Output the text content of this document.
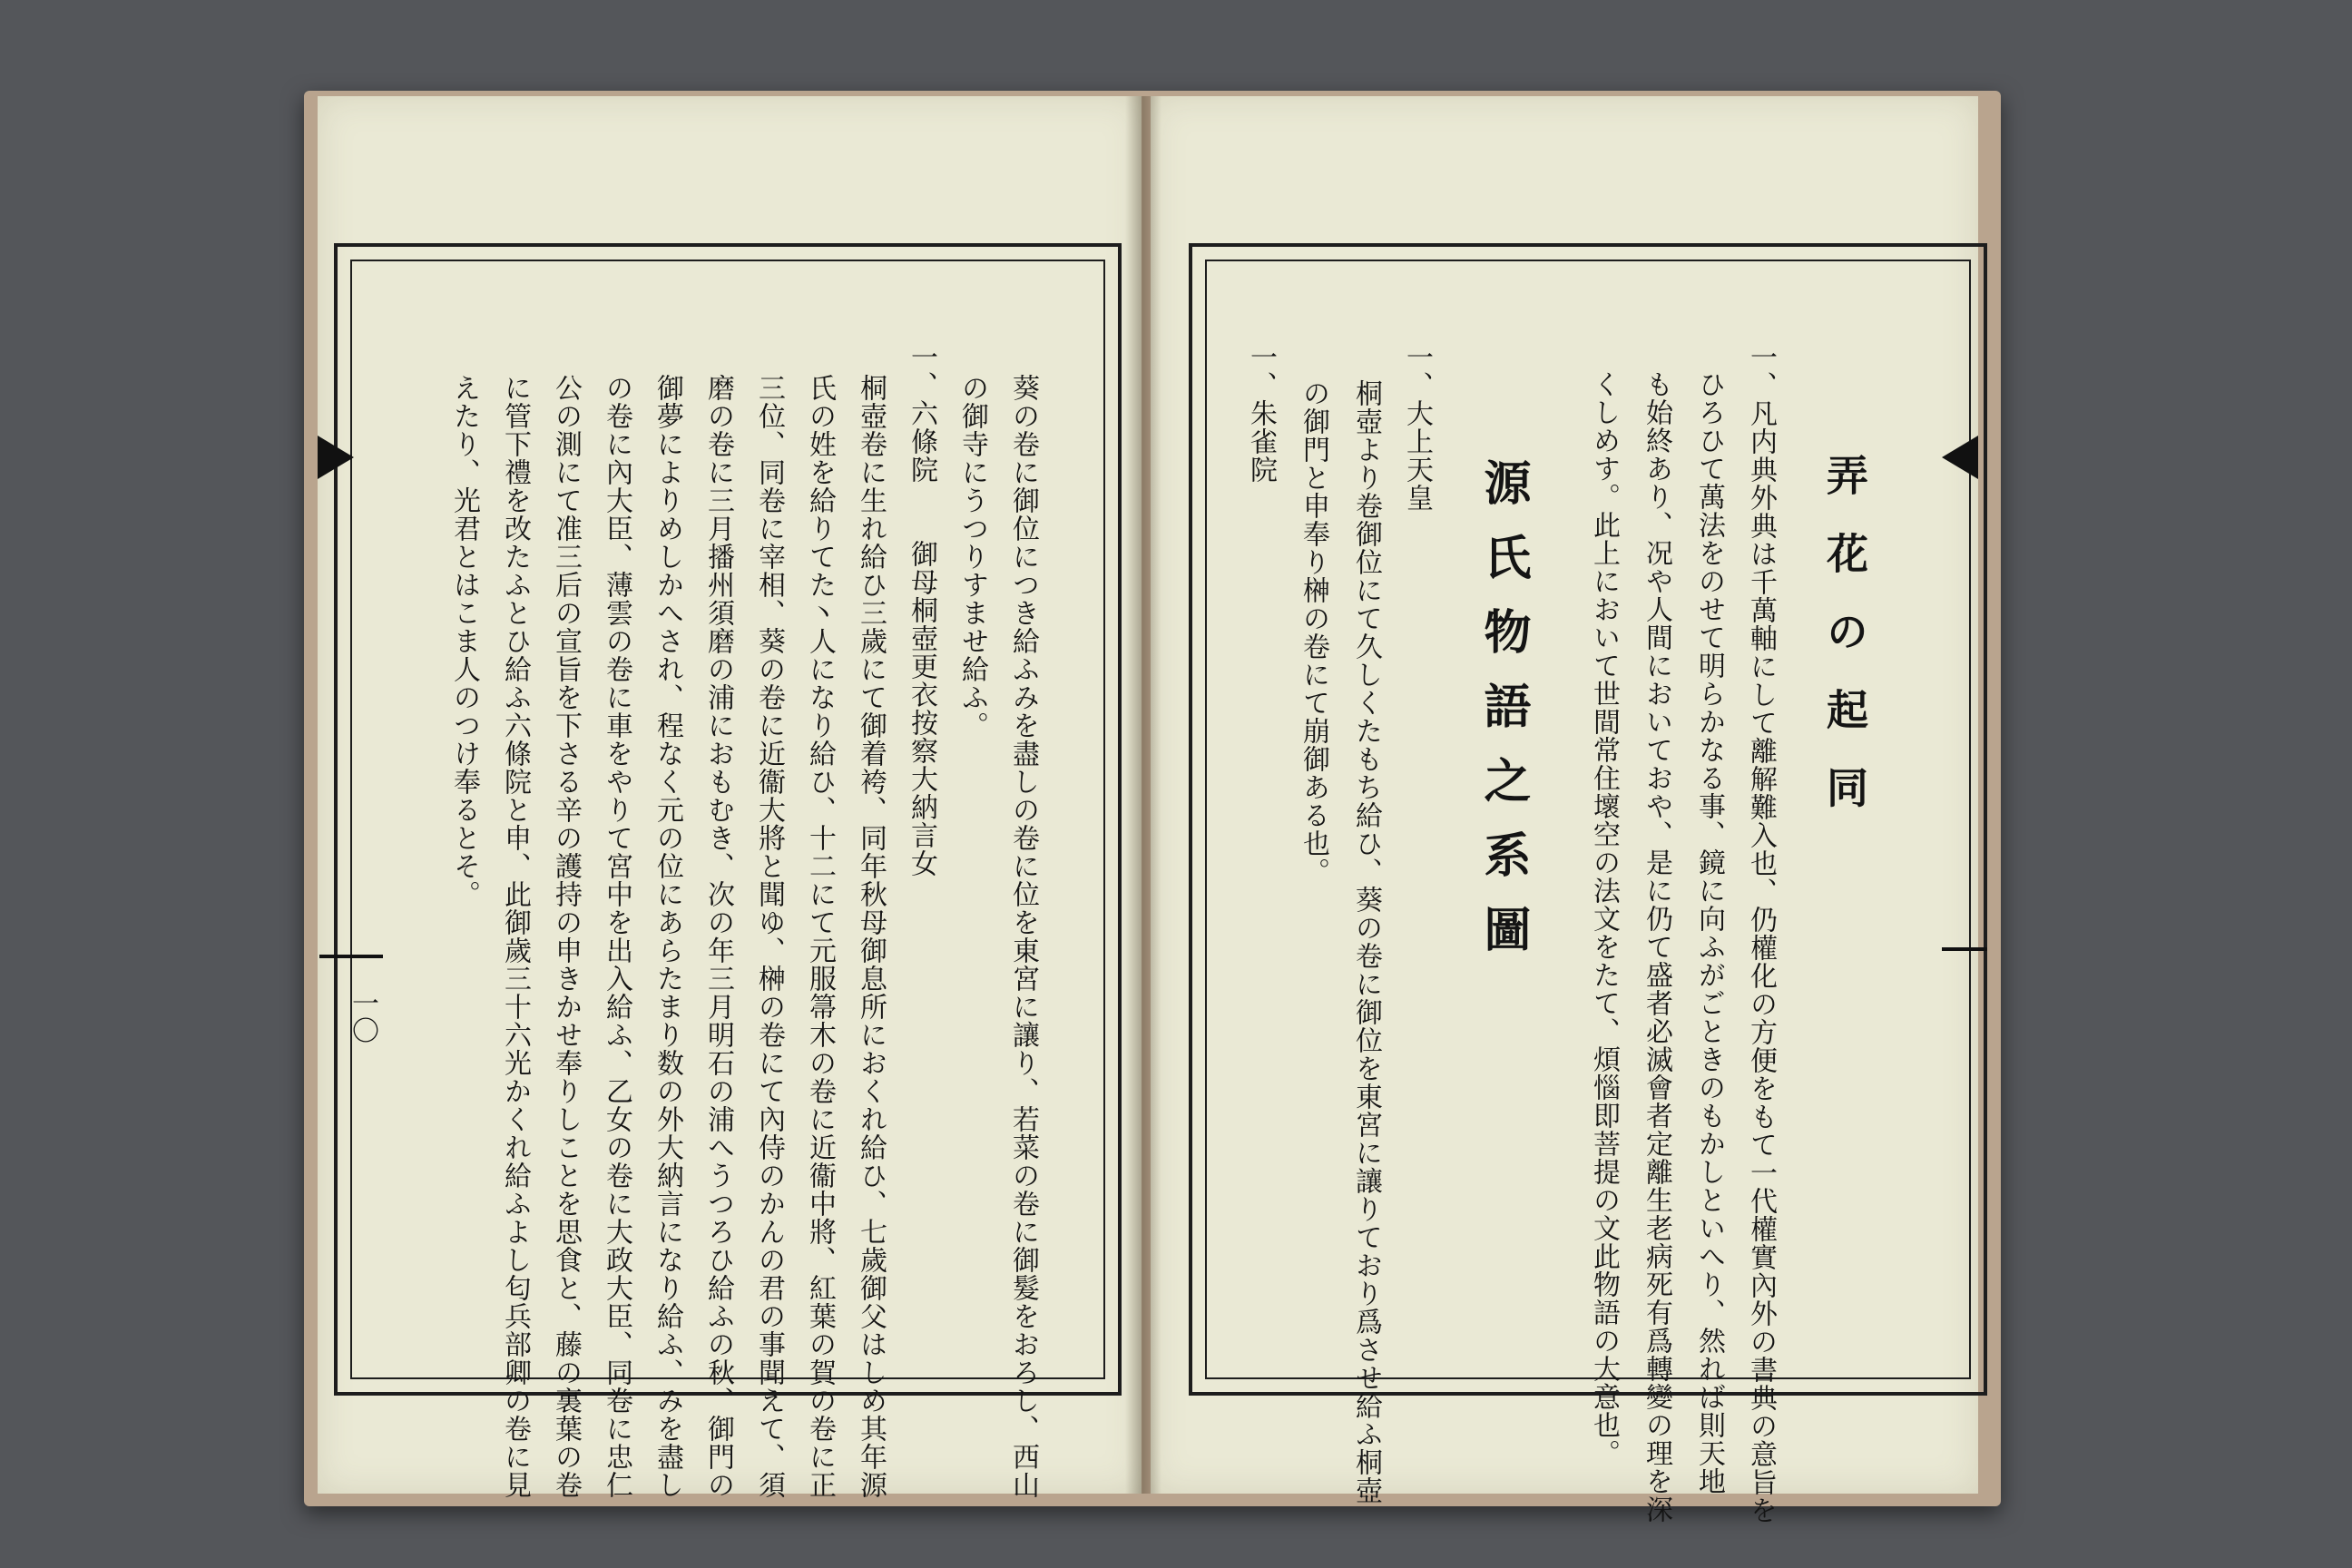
弄花の起同
一、凡内典外典は千萬軸にして離解難入也、仍權化の方便をもて一代權實內外の書典の意旨を
ひろひて萬法をのせて明らかなる事、鏡に向ふがごときのもかしといへり、然れば則天地
も始終あり、况や人間においておや、是に仍て盛者必滅會者定離生老病死有爲轉變の理を深
くしめす。此上において世間常住壞空の法文をたて、煩惱即菩提の文此物語の大意也。
源氏物語之系圖
一、大上天皇
桐壺より卷御位にて久しくたもち給ひ、葵の卷に御位を東宮に讓りており爲させ給ふ桐壺
の御門と申奉り榊の卷にて崩御ある也。
一、朱雀院
一〇	葵の卷に御位につき給ふみを盡しの卷に位を東宮に讓り、若菜の卷に御髮をおろし、西山
の御寺にうつりすませ給ふ。
一、六條院　　御母桐壺更衣按察大納言女
桐壺卷に生れ給ひ三歲にて御着袴、同年秋母御息所におくれ給ひ、七歲御父はしめ其年源
氏の姓を給りてた丶人になり給ひ、十二にて元服箒木の卷に近衞中將、紅葉の賀の卷に正
三位、同卷に宰相、葵の卷に近衞大將と聞ゆ、榊の卷にて內侍のかんの君の事聞えて、須
磨の卷に三月播州須磨の浦におもむき、次の年三月明石の浦へうつろひ給ふの秋、御門の
御夢によりめしかへされ、程なく元の位にあらたまり数の外大納言になり給ふ、みを盡し
の卷に內大臣、薄雲の卷に車をやりて宮中を出入給ふ、乙女の卷に大政大臣、同卷に忠仁
公の測にて准三后の宣旨を下さる辛の護持の申きかせ奉りしことを思食と、藤の裏葉の卷
に管下禮を改たふとひ給ふ六條院と申、此御歲三十六光かくれ給ふよし匂兵部卿の卷に見
えたり、光君とはこま人のつけ奉るとそ。
